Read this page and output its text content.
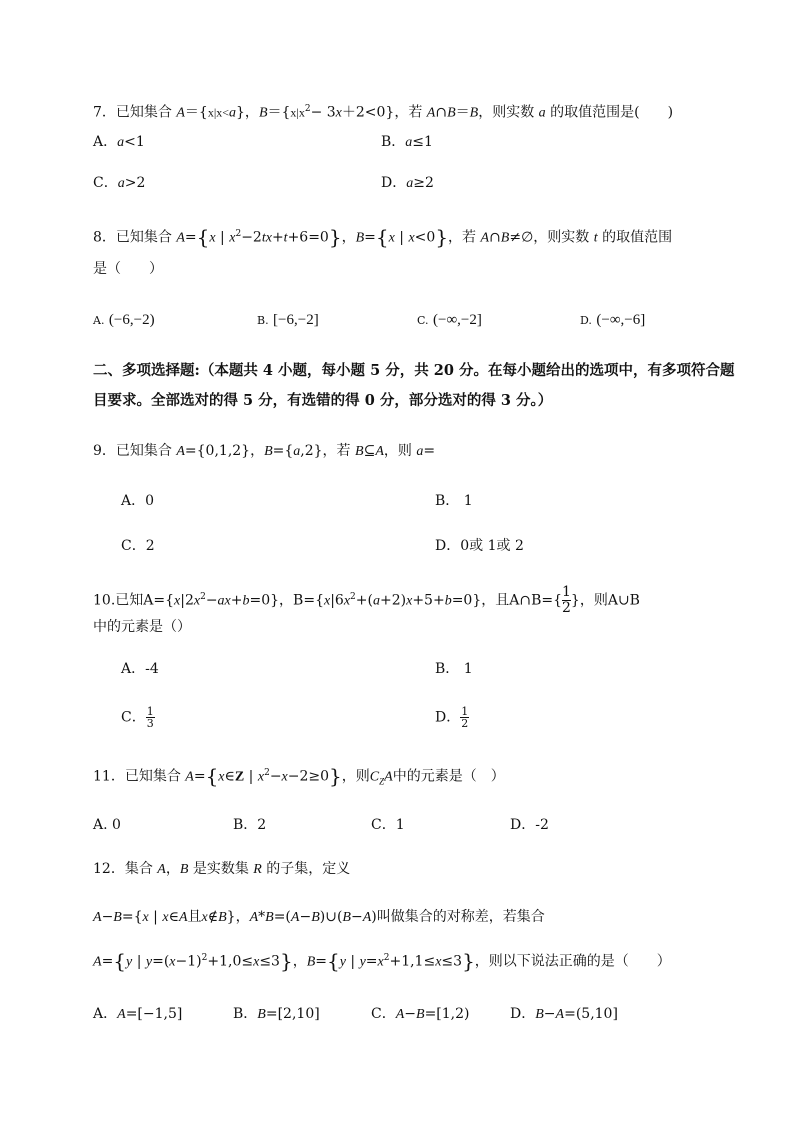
7．已知集合 A＝{x|x<a}，$B=\{x|x^2- 3x+2<0\}$，若 A∩B＝B，则实数 a 的取值范围是(　　)
A．a<1	B．a≤1
C．a>2	D．a≥2
8．已知集合 A={x | $x^2-2tx+t+6=0$}，B={x | x<0}，若 A∩B≠∅，则实数 t 的取值范围
是（　　）
A. (−6,−2)	B. [−6,−2]	C. (−∞,−2]	D. (−∞,−6]
二、多项选择题:（本题共 4 小题，每小题 5 分，共 20 分。在每小题给出的选项中，有多项符合题
目要求。全部选对的得 5 分，有选错的得 0 分，部分选对的得 3 分。）
9．已知集合 A={0,1,2}，B={a,2}，若 B⊆A，则 a=
A．0	B． 1
C．2	D．0或 1或 2
10.已知$A=\{x|2x^2-ax+b=0\}$，$B=\{x|6x^2+(a+2)x+5+b=0\}$，且A∩B={ $\frac{1}{2}$ }，则A∪B
中的元素是（）
A．-4	B． 1
C． $\frac{1}{3}$	D． $\frac{1}{2}$
11．已知集合 A={x∈Z | $x^2-x-2\ge 0$}，则$C_ZA$中的元素是（　）
A. 0	B．2	C．1	D．-2
12．集合 A，B 是实数集 R 的子集，定义
A−B={x | x∈A且x∉B}，A*B=(A−B)∪(B−A)叫做集合的对称差，若集合
A={y | $y=(x-1)^2+1,0\le x\le 3$}，B={y | $y=x^2+1,1\le x\le 3$}，则以下说法正确的是（　　）
A．A=[−1,5]	B．B=[2,10]	C．A−B=[1,2)	D．B−A=(5,10]
